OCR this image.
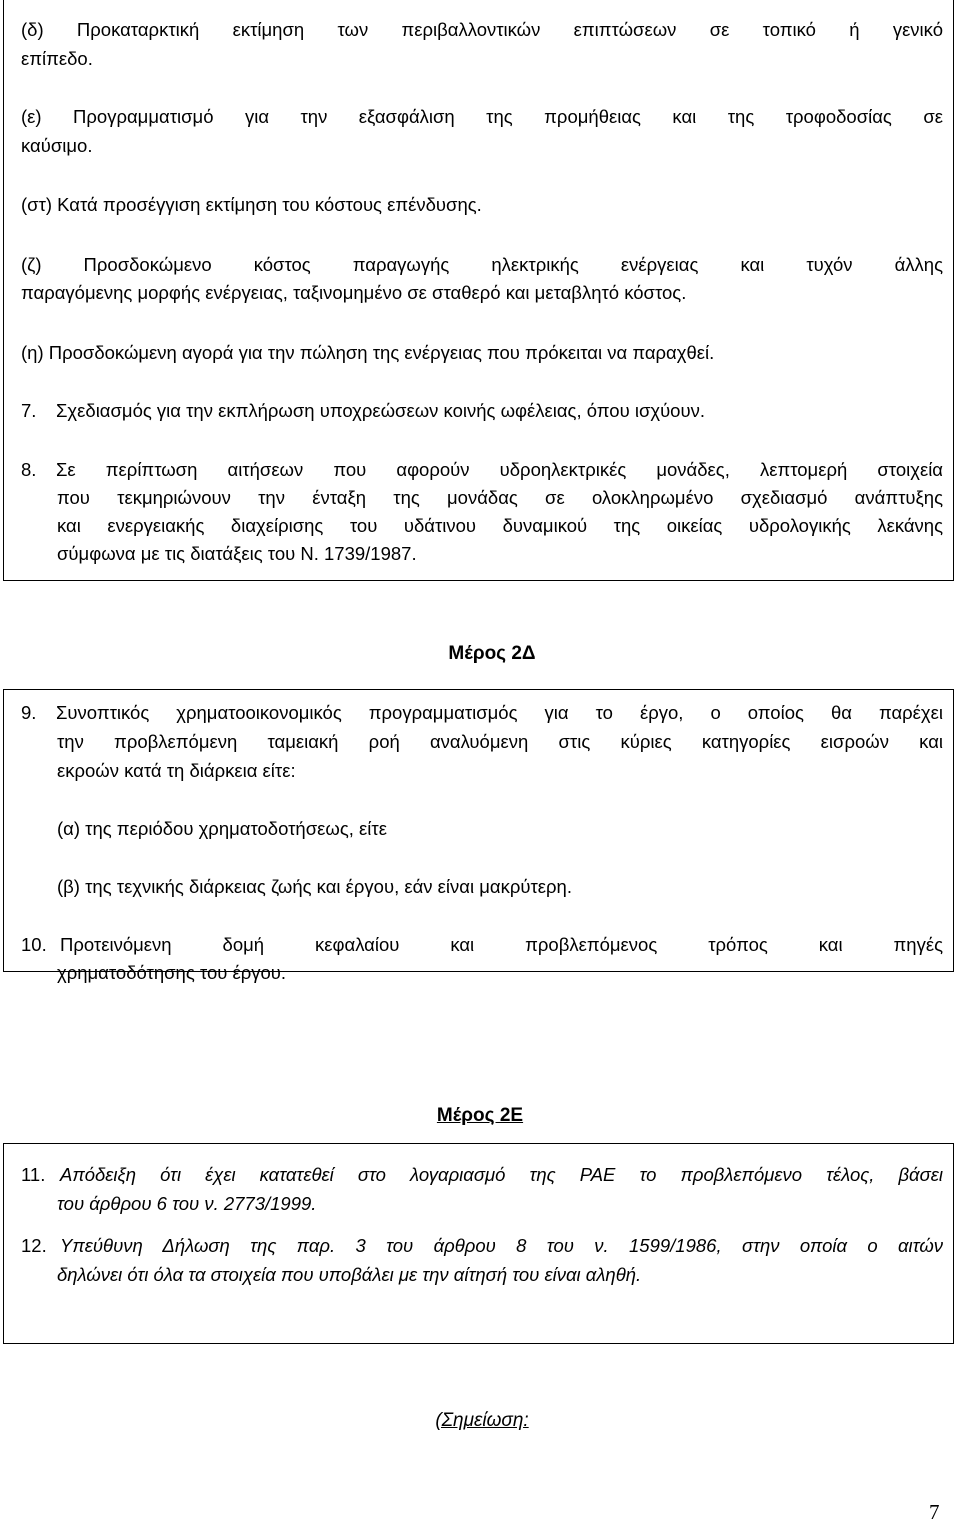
(δ) Προκαταρκτική εκτίμηση των περιβαλλοντικών επιπτώσεων σε τοπικό ή γενικό
επίπεδο.
(ε) Προγραμματισμό για την εξασφάλιση της προμήθειας και της τροφοδοσίας σε
καύσιμο.
(στ) Κατά προσέγγιση εκτίμηση του κόστους επένδυσης.
(ζ) Προσδοκώμενο κόστος παραγωγής ηλεκτρικής ενέργειας και τυχόν άλλης
παραγόμενης μορφής ενέργειας, ταξινομημένο σε σταθερό και μεταβλητό κόστος.
(η) Προσδοκώμενη αγορά για την πώληση της ενέργειας που πρόκειται να παραχθεί.
7. Σχεδιασμός για την εκπλήρωση υποχρεώσεων κοινής ωφέλειας, όπου ισχύουν.
8. Σε περίπτωση αιτήσεων που αφορούν υδροηλεκτρικές μονάδες, λεπτομερή στοιχεία
που τεκμηριώνουν την ένταξη της μονάδας σε ολοκληρωμένο σχεδιασμό ανάπτυξης
και ενεργειακής διαχείρισης του υδάτινου δυναμικού της οικείας υδρολογικής λεκάνης
σύμφωνα με τις διατάξεις του Ν. 1739/1987.
Μέρος 2Δ
9. Συνοπτικός χρηματοοικονομικός προγραμματισμός για το έργο, ο οποίος θα παρέχει
την προβλεπόμενη ταμειακή ροή αναλυόμενη στις κύριες κατηγορίες εισροών και
εκροών κατά τη διάρκεια είτε:
(α) της περιόδου χρηματοδοτήσεως, είτε
(β) της τεχνικής διάρκειας ζωής και έργου, εάν είναι μακρύτερη.
10. Προτεινόμενη δομή κεφαλαίου και προβλεπόμενος τρόπος και πηγές
χρηματοδότησης του έργου.
Μέρος 2Ε
11. Απόδειξη ότι έχει κατατεθεί στο λογαριασμό της ΡΑΕ το προβλεπόμενο τέλος, βάσει
του άρθρου 6 του ν. 2773/1999.
12. Υπεύθυνη Δήλωση της παρ. 3 του άρθρου 8 του ν. 1599/1986, στην οποία ο αιτών
δηλώνει ότι όλα τα στοιχεία που υποβάλει με την αίτησή του είναι αληθή.
(Σημείωση:
7
